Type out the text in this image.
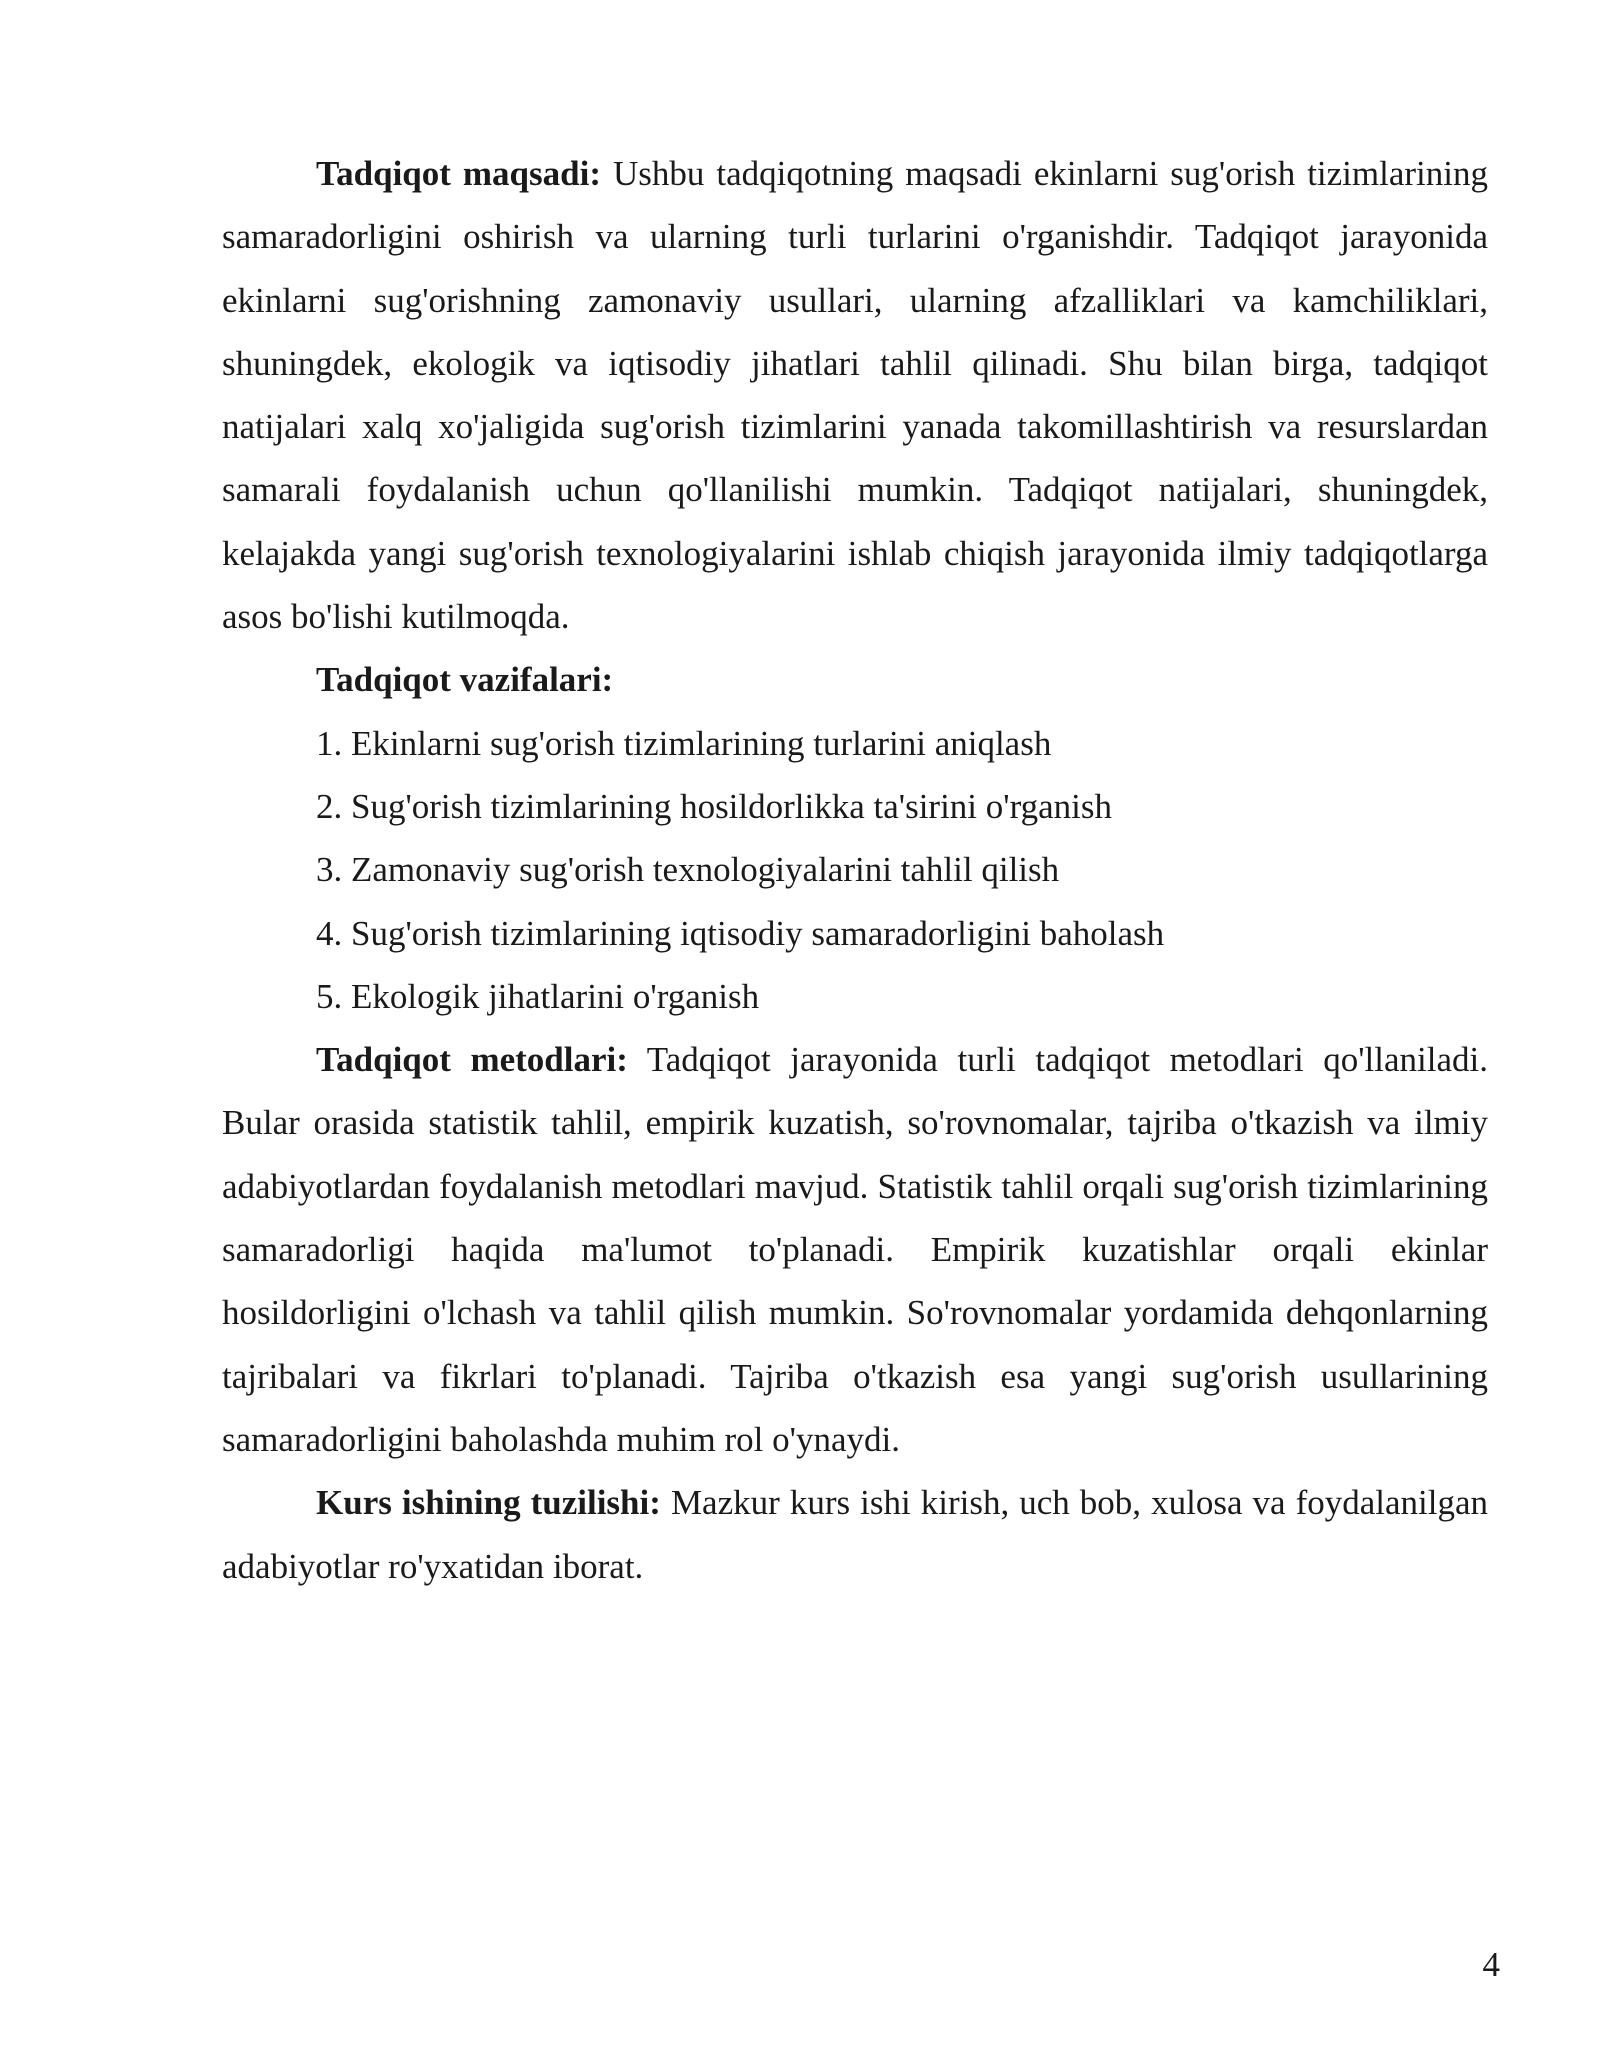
Tadqiqot maqsadi: Ushbu tadqiqotning maqsadi ekinlarni sug'orish tizimlarining samaradorligini oshirish va ularning turli turlarini o'rganishdir. Tadqiqot jarayonida ekinlarni sug'orishning zamonaviy usullari, ularning afzalliklari va kamchiliklari, shuningdek, ekologik va iqtisodiy jihatlari tahlil qilinadi. Shu bilan birga, tadqiqot natijalari xalq xo'jaligida sug'orish tizimlarini yanada takomillashtirish va resurslardan samarali foydalanish uchun qo'llanilishi mumkin. Tadqiqot natijalari, shuningdek, kelajakda yangi sug'orish texnologiyalarini ishlab chiqish jarayonida ilmiy tadqiqotlarga asos bo'lishi kutilmoqda.

Tadqiqot vazifalari:

1. Ekinlarni sug'orish tizimlarining turlarini aniqlash

2. Sug'orish tizimlarining hosildorlikka ta'sirini o'rganish

3. Zamonaviy sug'orish texnologiyalarini tahlil qilish

4. Sug'orish tizimlarining iqtisodiy samaradorligini baholash

5. Ekologik jihatlarini o'rganish

Tadqiqot metodlari: Tadqiqot jarayonida turli tadqiqot metodlari qo'llaniladi. Bular orasida statistik tahlil, empirik kuzatish, so'rovnomalar, tajriba o'tkazish va ilmiy adabiyotlardan foydalanish metodlari mavjud. Statistik tahlil orqali sug'orish tizimlarining samaradorligi haqida ma'lumot to'planadi. Empirik kuzatishlar orqali ekinlar hosildorligini o'lchash va tahlil qilish mumkin. So'rovnomalar yordamida dehqonlarning tajribalari va fikrlari to'planadi. Tajriba o'tkazish esa yangi sug'orish usullarining samaradorligini baholashda muhim rol o'ynaydi.

Kurs ishining tuzilishi: Mazkur kurs ishi kirish, uch bob, xulosa va foydalanilgan adabiyotlar ro'yxatidan iborat.

4
